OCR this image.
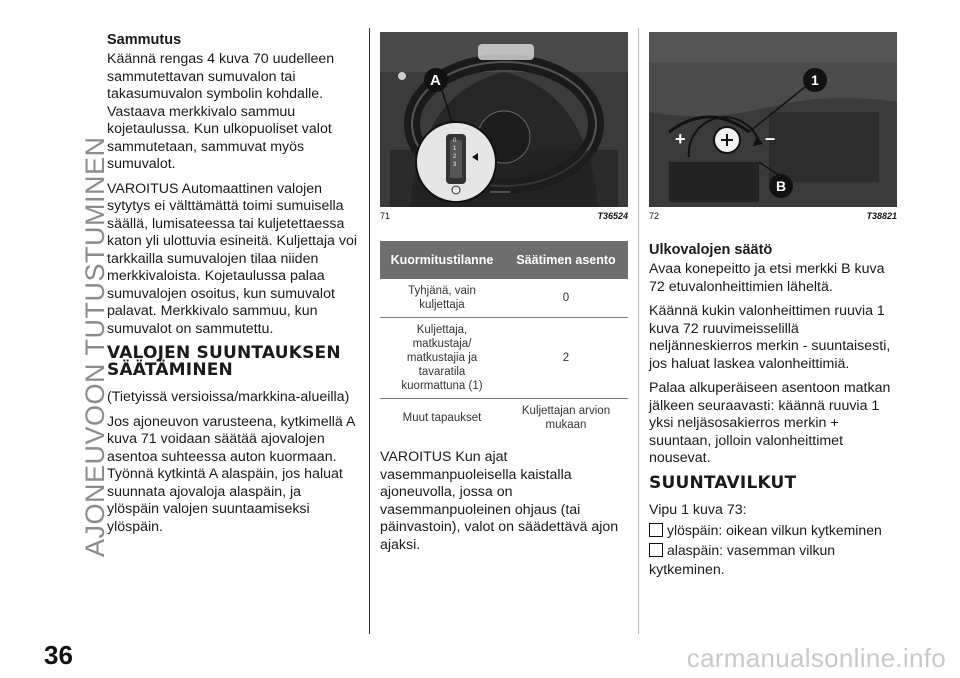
AJONEUVOON TUTUSTUMINEN
Sammutus

Käännä rengas 4 kuva 70 uudelleen sammutettavan sumuvalon tai takasumuvalon symbolin kohdalle. Vastaava merkkivalo sammuu kojetaulussa. Kun ulkopuoliset valot sammutetaan, sammuvat myös sumuvalot.

VAROITUS Automaattinen valojen sytytys ei välttämättä toimi sumuisella säällä, lumisateessa tai kuljetettaessa katon yli ulottuvia esineitä. Kuljettaja voi tarkkailla sumuvalojen tilaa niiden merkkivaloista. Kojetaulussa palaa sumuvalojen osoitus, kun sumuvalot palavat. Merkkivalo sammuu, kun sumuvalot on sammutettu.

VALOJEN SUUNTAUKSEN SÄÄTÄMINEN

(Tietyissä versioissa/markkina-alueilla)

Jos ajoneuvon varusteena, kytkimellä A kuva 71 voidaan säätää ajovalojen asentoa suhteessa auton kuormaan. Työnnä kytkintä A alaspäin, jos haluat suunnata ajovaloja alaspäin, ja ylöspäin valojen suuntaamiseksi ylöspäin.

A
0
1
2
3
71	T36524
Kuormitustilanne	Säätimen asento
Tyhjänä, vain kuljettaja	0
Kuljettaja, matkustaja/ matkustajia ja tavaratila kuormattuna (1)	2
Muut tapaukset	Kuljettajan arvion mukaan

VAROITUS Kun ajat vasemmanpuoleisella kaistalla ajoneuvolla, jossa on vasemmanpuoleinen ohjaus (tai päinvastoin), valot on säädettävä ajon ajaksi.

1
B
+	–
72	T38821
Ulkovalojen säätö

Avaa konepeitto ja etsi merkki B kuva 72 etuvalonheittimien läheltä.

Käännä kukin valonheittimen ruuvia 1 kuva 72 ruuvimeisselillä neljänneskierros merkin - suuntaisesti, jos haluat laskea valonheittimiä.

Palaa alkuperäiseen asentoon matkan jälkeen seuraavasti: käännä ruuvia 1 yksi neljäsosakierros merkin + suuntaan, jolloin valonheittimet nousevat.

SUUNTAVILKUT

Vipu 1 kuva 73:

ylöspäin: oikean vilkun kytkeminen
alaspäin: vasemman vilkun

kytkeminen.

36	carmanualsonline.info
